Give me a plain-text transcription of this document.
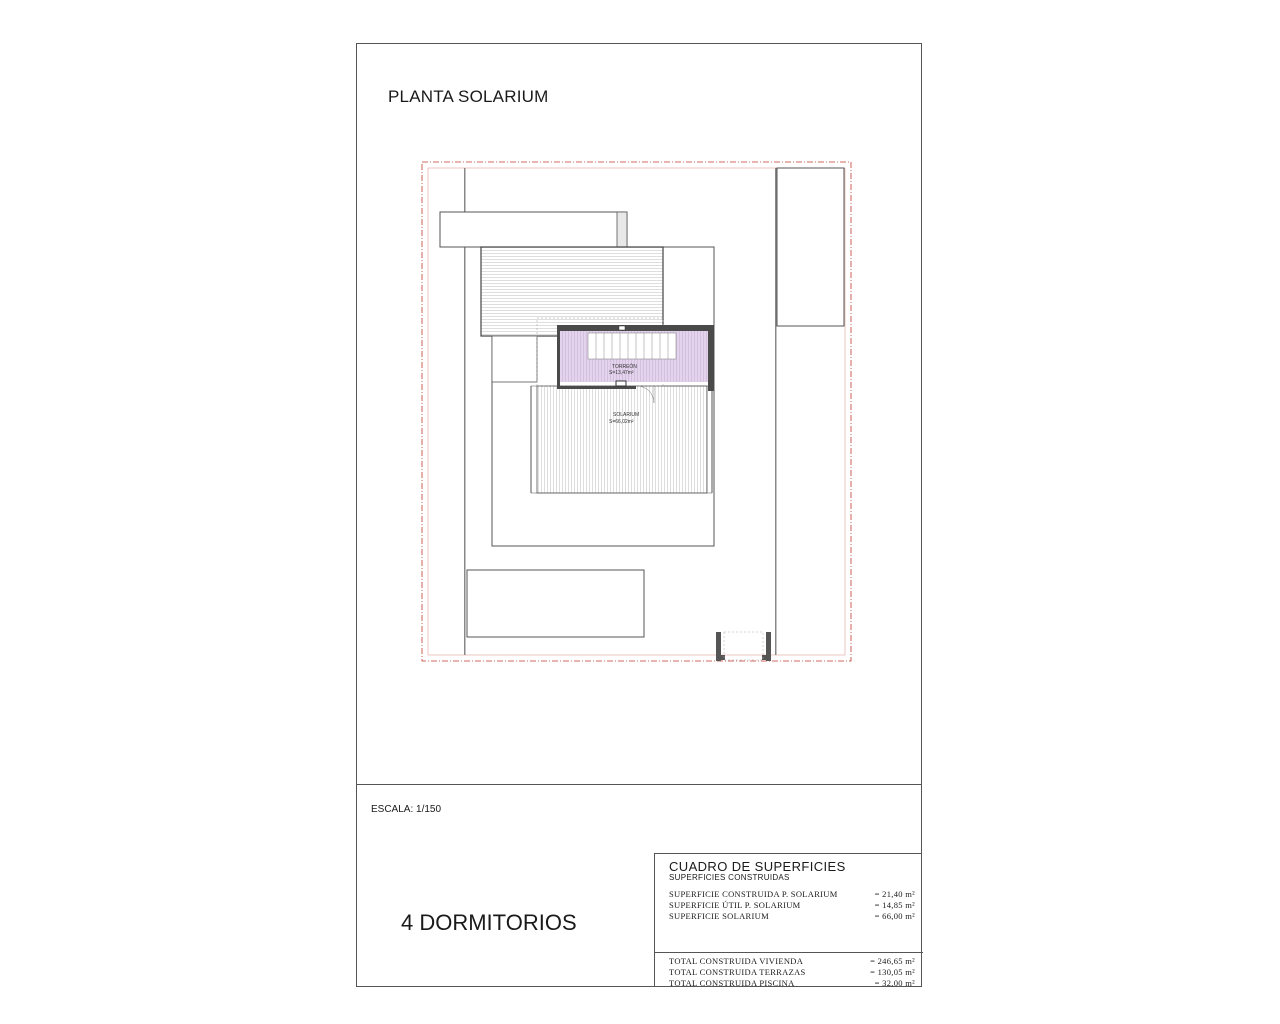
PLANTA SOLARIUM
TORREÓN
S=13,47m²
SOLARIUM
S=66,02m²
ESCALA: 1/150
4 DORMITORIOS
CUADRO DE SUPERFICIES
SUPERFICIES CONSTRUIDAS
SUPERFICIE CONSTRUIDA P. SOLARIUM	= 21,40 m²
SUPERFICIE ÚTIL P. SOLARIUM	= 14,85 m²
SUPERFICIE SOLARIUM	= 66,00 m²
TOTAL CONSTRUIDA VIVIENDA	= 246,65 m²
TOTAL CONSTRUIDA TERRAZAS	= 130,05 m²
TOTAL CONSTRUIDA PISCINA	= 32,00 m²
